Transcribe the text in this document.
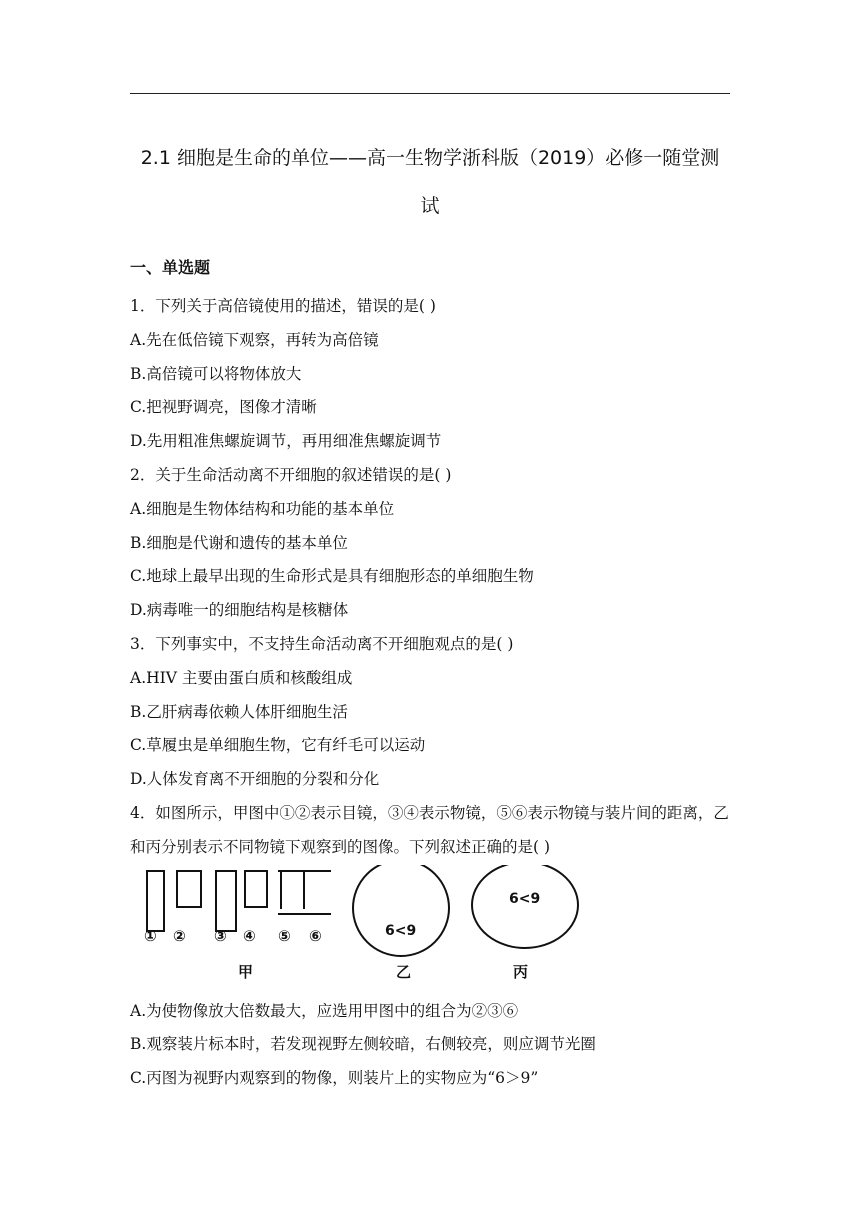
2.1 细胞是生命的单位——高一生物学浙科版（2019）必修一随堂测
试
一、单选题
1．下列关于高倍镜使用的描述，错误的是( )
A.先在低倍镜下观察，再转为高倍镜
B.高倍镜可以将物体放大
C.把视野调亮，图像才清晰
D.先用粗准焦螺旋调节，再用细准焦螺旋调节
2．关于生命活动离不开细胞的叙述错误的是( )
A.细胞是生物体结构和功能的基本单位
B.细胞是代谢和遗传的基本单位
C.地球上最早出现的生命形式是具有细胞形态的单细胞生物
D.病毒唯一的细胞结构是核糖体
3．下列事实中，不支持生命活动离不开细胞观点的是( )
A.HIV 主要由蛋白质和核酸组成
B.乙肝病毒依赖人体肝细胞生活
C.草履虫是单细胞生物，它有纤毛可以运动
D.人体发育离不开细胞的分裂和分化
4．如图所示，甲图中①②表示目镜，③④表示物镜，⑤⑥表示物镜与装片间的距离，乙和丙分别表示不同物镜下观察到的图像。下列叙述正确的是( )
① ② ③ ④ ⑤ ⑥	6<9
6<9
甲	乙	丙
A.为使物像放大倍数最大，应选用甲图中的组合为②③⑥
B.观察装片标本时，若发现视野左侧较暗，右侧较亮，则应调节光圈
C.丙图为视野内观察到的物像，则装片上的实物应为“6＞9”
